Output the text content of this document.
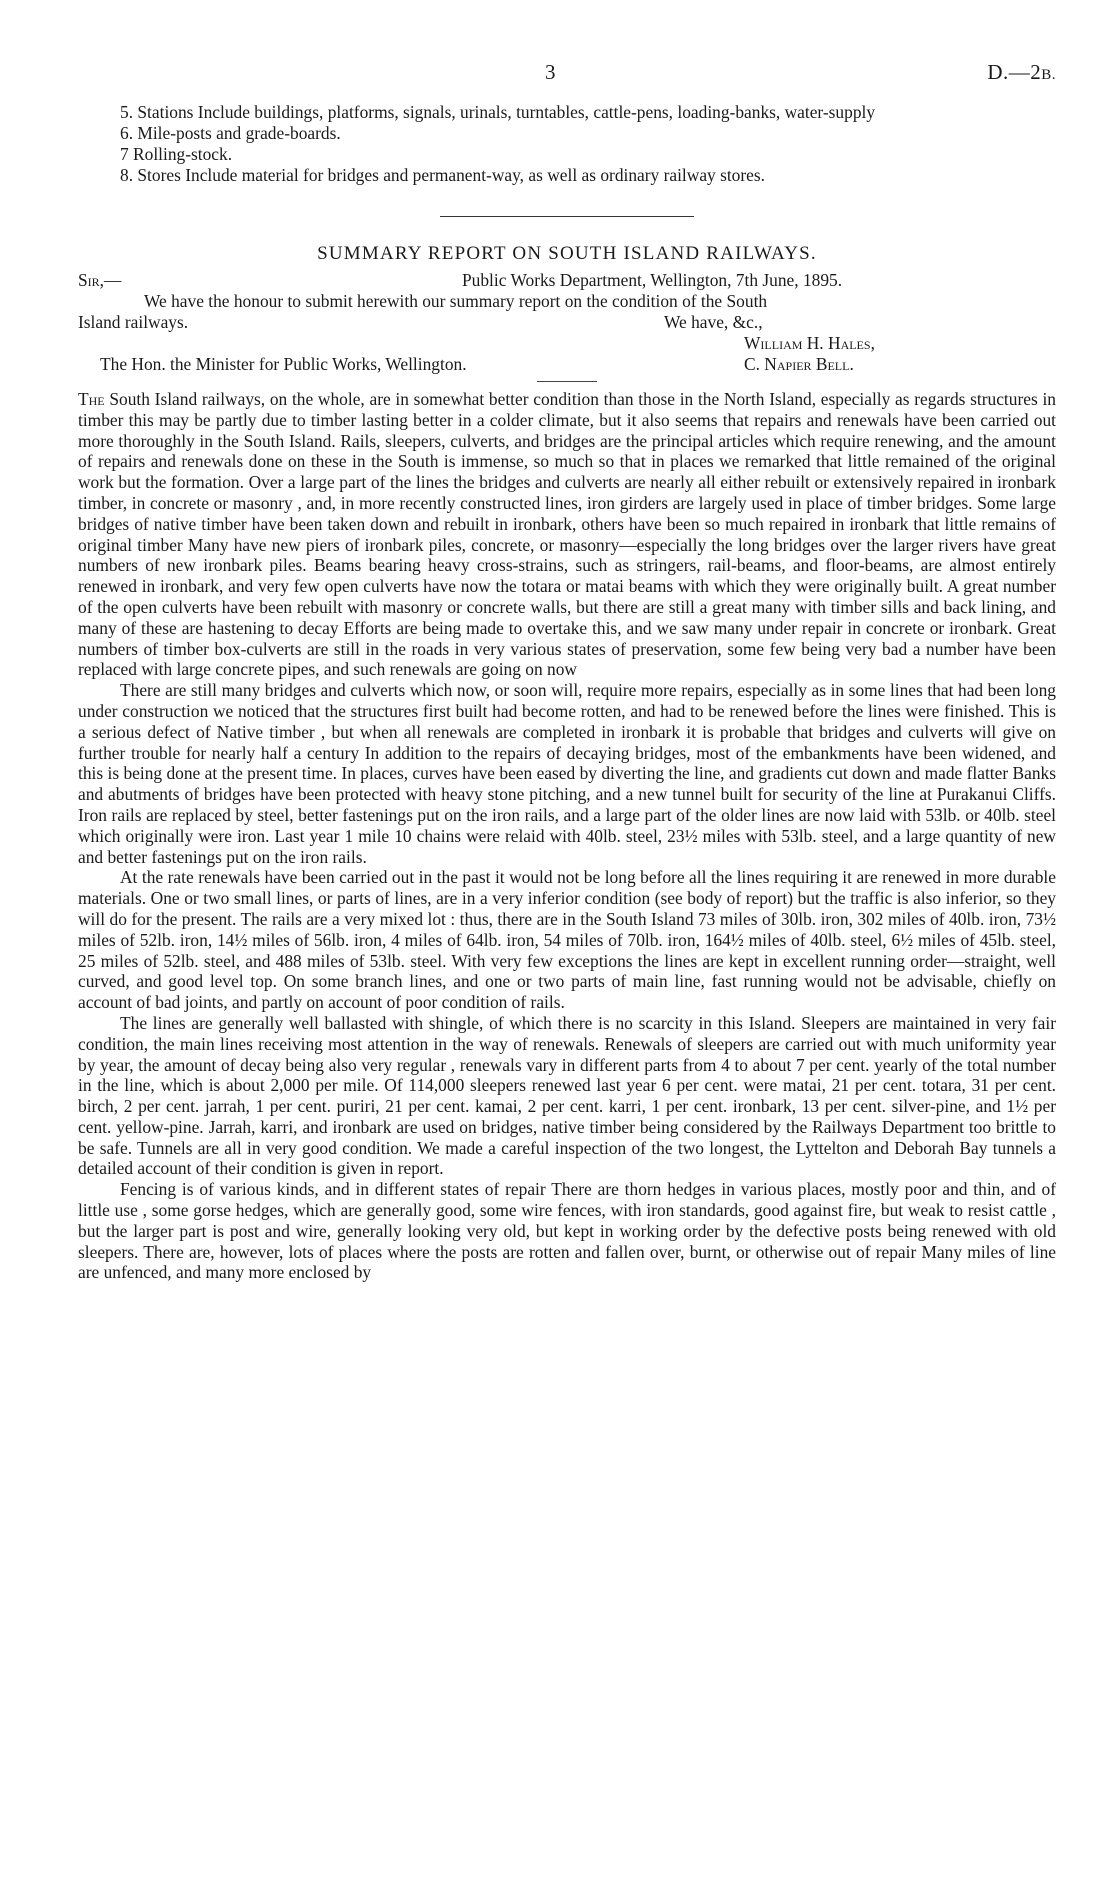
3	D.—2B.

5. Stations Include buildings, platforms, signals, urinals, turntables, cattle-pens, loading-banks, water-supply

6. Mile-posts and grade-boards.

7 Rolling-stock.

8. Stores Include material for bridges and permanent-way, as well as ordinary railway stores.

SUMMARY REPORT ON SOUTH ISLAND RAILWAYS.
Sir,—	Public Works Department, Wellington, 7th June, 1895.
We have the honour to submit herewith our summary report on the condition of the South
Island railways.	We have, &c.,
William H. Hales,
The Hon. the Minister for Public Works, Wellington.	C. Napier Bell.

The South Island railways, on the whole, are in somewhat better condition than those in the North Island, especially as regards structures in timber this may be partly due to timber lasting better in a colder climate, but it also seems that repairs and renewals have been carried out more thoroughly in the South Island. Rails, sleepers, culverts, and bridges are the principal articles which require renewing, and the amount of repairs and renewals done on these in the South is immense, so much so that in places we remarked that little remained of the original work but the formation. Over a large part of the lines the bridges and culverts are nearly all either rebuilt or extensively repaired in ironbark timber, in concrete or masonry , and, in more recently constructed lines, iron girders are largely used in place of timber bridges. Some large bridges of native timber have been taken down and rebuilt in ironbark, others have been so much repaired in ironbark that little remains of original timber Many have new piers of ironbark piles, concrete, or masonry—especially the long bridges over the larger rivers have great numbers of new ironbark piles. Beams bearing heavy cross-strains, such as stringers, rail-beams, and floor-beams, are almost entirely renewed in ironbark, and very few open culverts have now the totara or matai beams with which they were originally built. A great number of the open culverts have been rebuilt with masonry or concrete walls, but there are still a great many with timber sills and back lining, and many of these are hastening to decay Efforts are being made to overtake this, and we saw many under repair in concrete or ironbark. Great numbers of timber box-culverts are still in the roads in very various states of preservation, some few being very bad a number have been replaced with large concrete pipes, and such renewals are going on now

There are still many bridges and culverts which now, or soon will, require more repairs, especially as in some lines that had been long under construction we noticed that the structures first built had become rotten, and had to be renewed before the lines were finished. This is a serious defect of Native timber , but when all renewals are completed in ironbark it is probable that bridges and culverts will give on further trouble for nearly half a century In addition to the repairs of decaying bridges, most of the embankments have been widened, and this is being done at the present time. In places, curves have been eased by diverting the line, and gradients cut down and made flatter Banks and abutments of bridges have been protected with heavy stone pitching, and a new tunnel built for security of the line at Purakanui Cliffs. Iron rails are replaced by steel, better fastenings put on the iron rails, and a large part of the older lines are now laid with 53lb. or 40lb. steel which originally were iron. Last year 1 mile 10 chains were relaid with 40lb. steel, 23½ miles with 53lb. steel, and a large quantity of new and better fastenings put on the iron rails.

At the rate renewals have been carried out in the past it would not be long before all the lines requiring it are renewed in more durable materials. One or two small lines, or parts of lines, are in a very inferior condition (see body of report) but the traffic is also inferior, so they will do for the present. The rails are a very mixed lot : thus, there are in the South Island 73 miles of 30lb. iron, 302 miles of 40lb. iron, 73½ miles of 52lb. iron, 14½ miles of 56lb. iron, 4 miles of 64lb. iron, 54 miles of 70lb. iron, 164½ miles of 40lb. steel, 6½ miles of 45lb. steel, 25 miles of 52lb. steel, and 488 miles of 53lb. steel. With very few exceptions the lines are kept in excellent running order—straight, well curved, and good level top. On some branch lines, and one or two parts of main line, fast running would not be advisable, chiefly on account of bad joints, and partly on account of poor condition of rails.

The lines are generally well ballasted with shingle, of which there is no scarcity in this Island. Sleepers are maintained in very fair condition, the main lines receiving most attention in the way of renewals. Renewals of sleepers are carried out with much uniformity year by year, the amount of decay being also very regular , renewals vary in different parts from 4 to about 7 per cent. yearly of the total number in the line, which is about 2,000 per mile. Of 114,000 sleepers renewed last year 6 per cent. were matai, 21 per cent. totara, 31 per cent. birch, 2 per cent. jarrah, 1 per cent. puriri, 21 per cent. kamai, 2 per cent. karri, 1 per cent. ironbark, 13 per cent. silver-pine, and 1½ per cent. yellow-pine. Jarrah, karri, and ironbark are used on bridges, native timber being considered by the Railways Department too brittle to be safe. Tunnels are all in very good condition. We made a careful inspection of the two longest, the Lyttelton and Deborah Bay tunnels a detailed account of their condition is given in report.

Fencing is of various kinds, and in different states of repair There are thorn hedges in various places, mostly poor and thin, and of little use , some gorse hedges, which are generally good, some wire fences, with iron standards, good against fire, but weak to resist cattle , but the larger part is post and wire, generally looking very old, but kept in working order by the defective posts being renewed with old sleepers. There are, however, lots of places where the posts are rotten and fallen over, burnt, or otherwise out of repair Many miles of line are unfenced, and many more enclosed by
